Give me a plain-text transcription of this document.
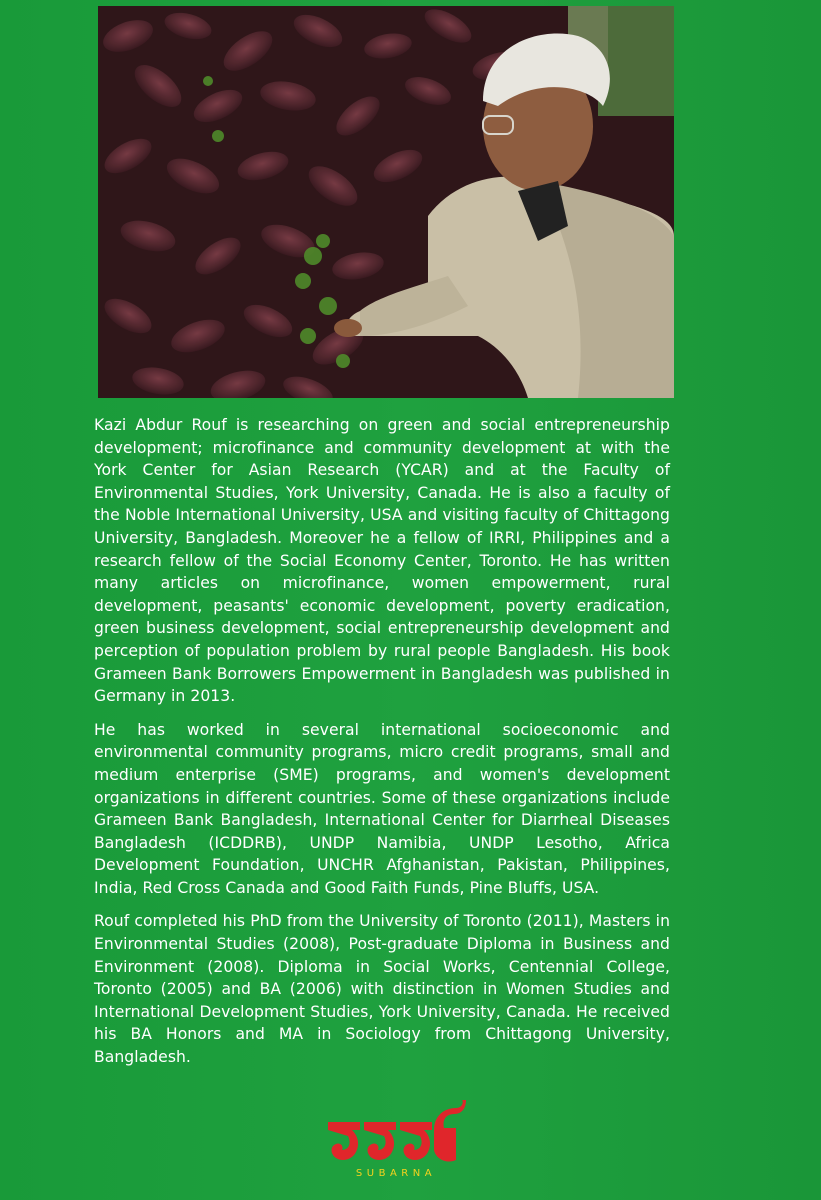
Kazi Abdur Rouf is researching on green and social entrepreneurship development; microfinance and community development at with the York Center for Asian Research (YCAR) and at the Faculty of Environmental Studies, York University, Canada. He is also a faculty of the Noble International University, USA and visiting faculty of Chittagong University, Bangladesh. Moreover he a fellow of IRRI, Philippines and a research fellow of the Social Economy Center, Toronto. He has written many articles on microfinance, women empowerment, rural development, peasants' economic development, poverty eradication, green business development, social entrepreneurship development and perception of population problem by rural people Bangladesh. His book Grameen Bank Borrowers Empowerment in Bangladesh was published in Germany in 2013.

He has worked in several international socioeconomic and environmental community programs, micro credit programs, small and medium enterprise (SME) programs, and women's development organizations in different countries. Some of these organizations include Grameen Bank Bangladesh, International Center for Diarrheal Diseases Bangladesh (ICDDRB), UNDP Namibia, UNDP Lesotho, Africa Development Foundation, UNCHR Afghanistan, Pakistan, Philippines, India, Red Cross Canada and Good Faith Funds, Pine Bluffs, USA.

Rouf completed his PhD from the University of Toronto (2011), Masters in Environmental Studies (2008), Post-graduate Diploma in Business and Environment (2008). Diploma in Social Works, Centennial College, Toronto (2005) and BA (2006) with distinction in Women Studies and International Development Studies, York University, Canada. He received his BA Honors and MA in Sociology from Chittagong University, Bangladesh.

SUBARNA
